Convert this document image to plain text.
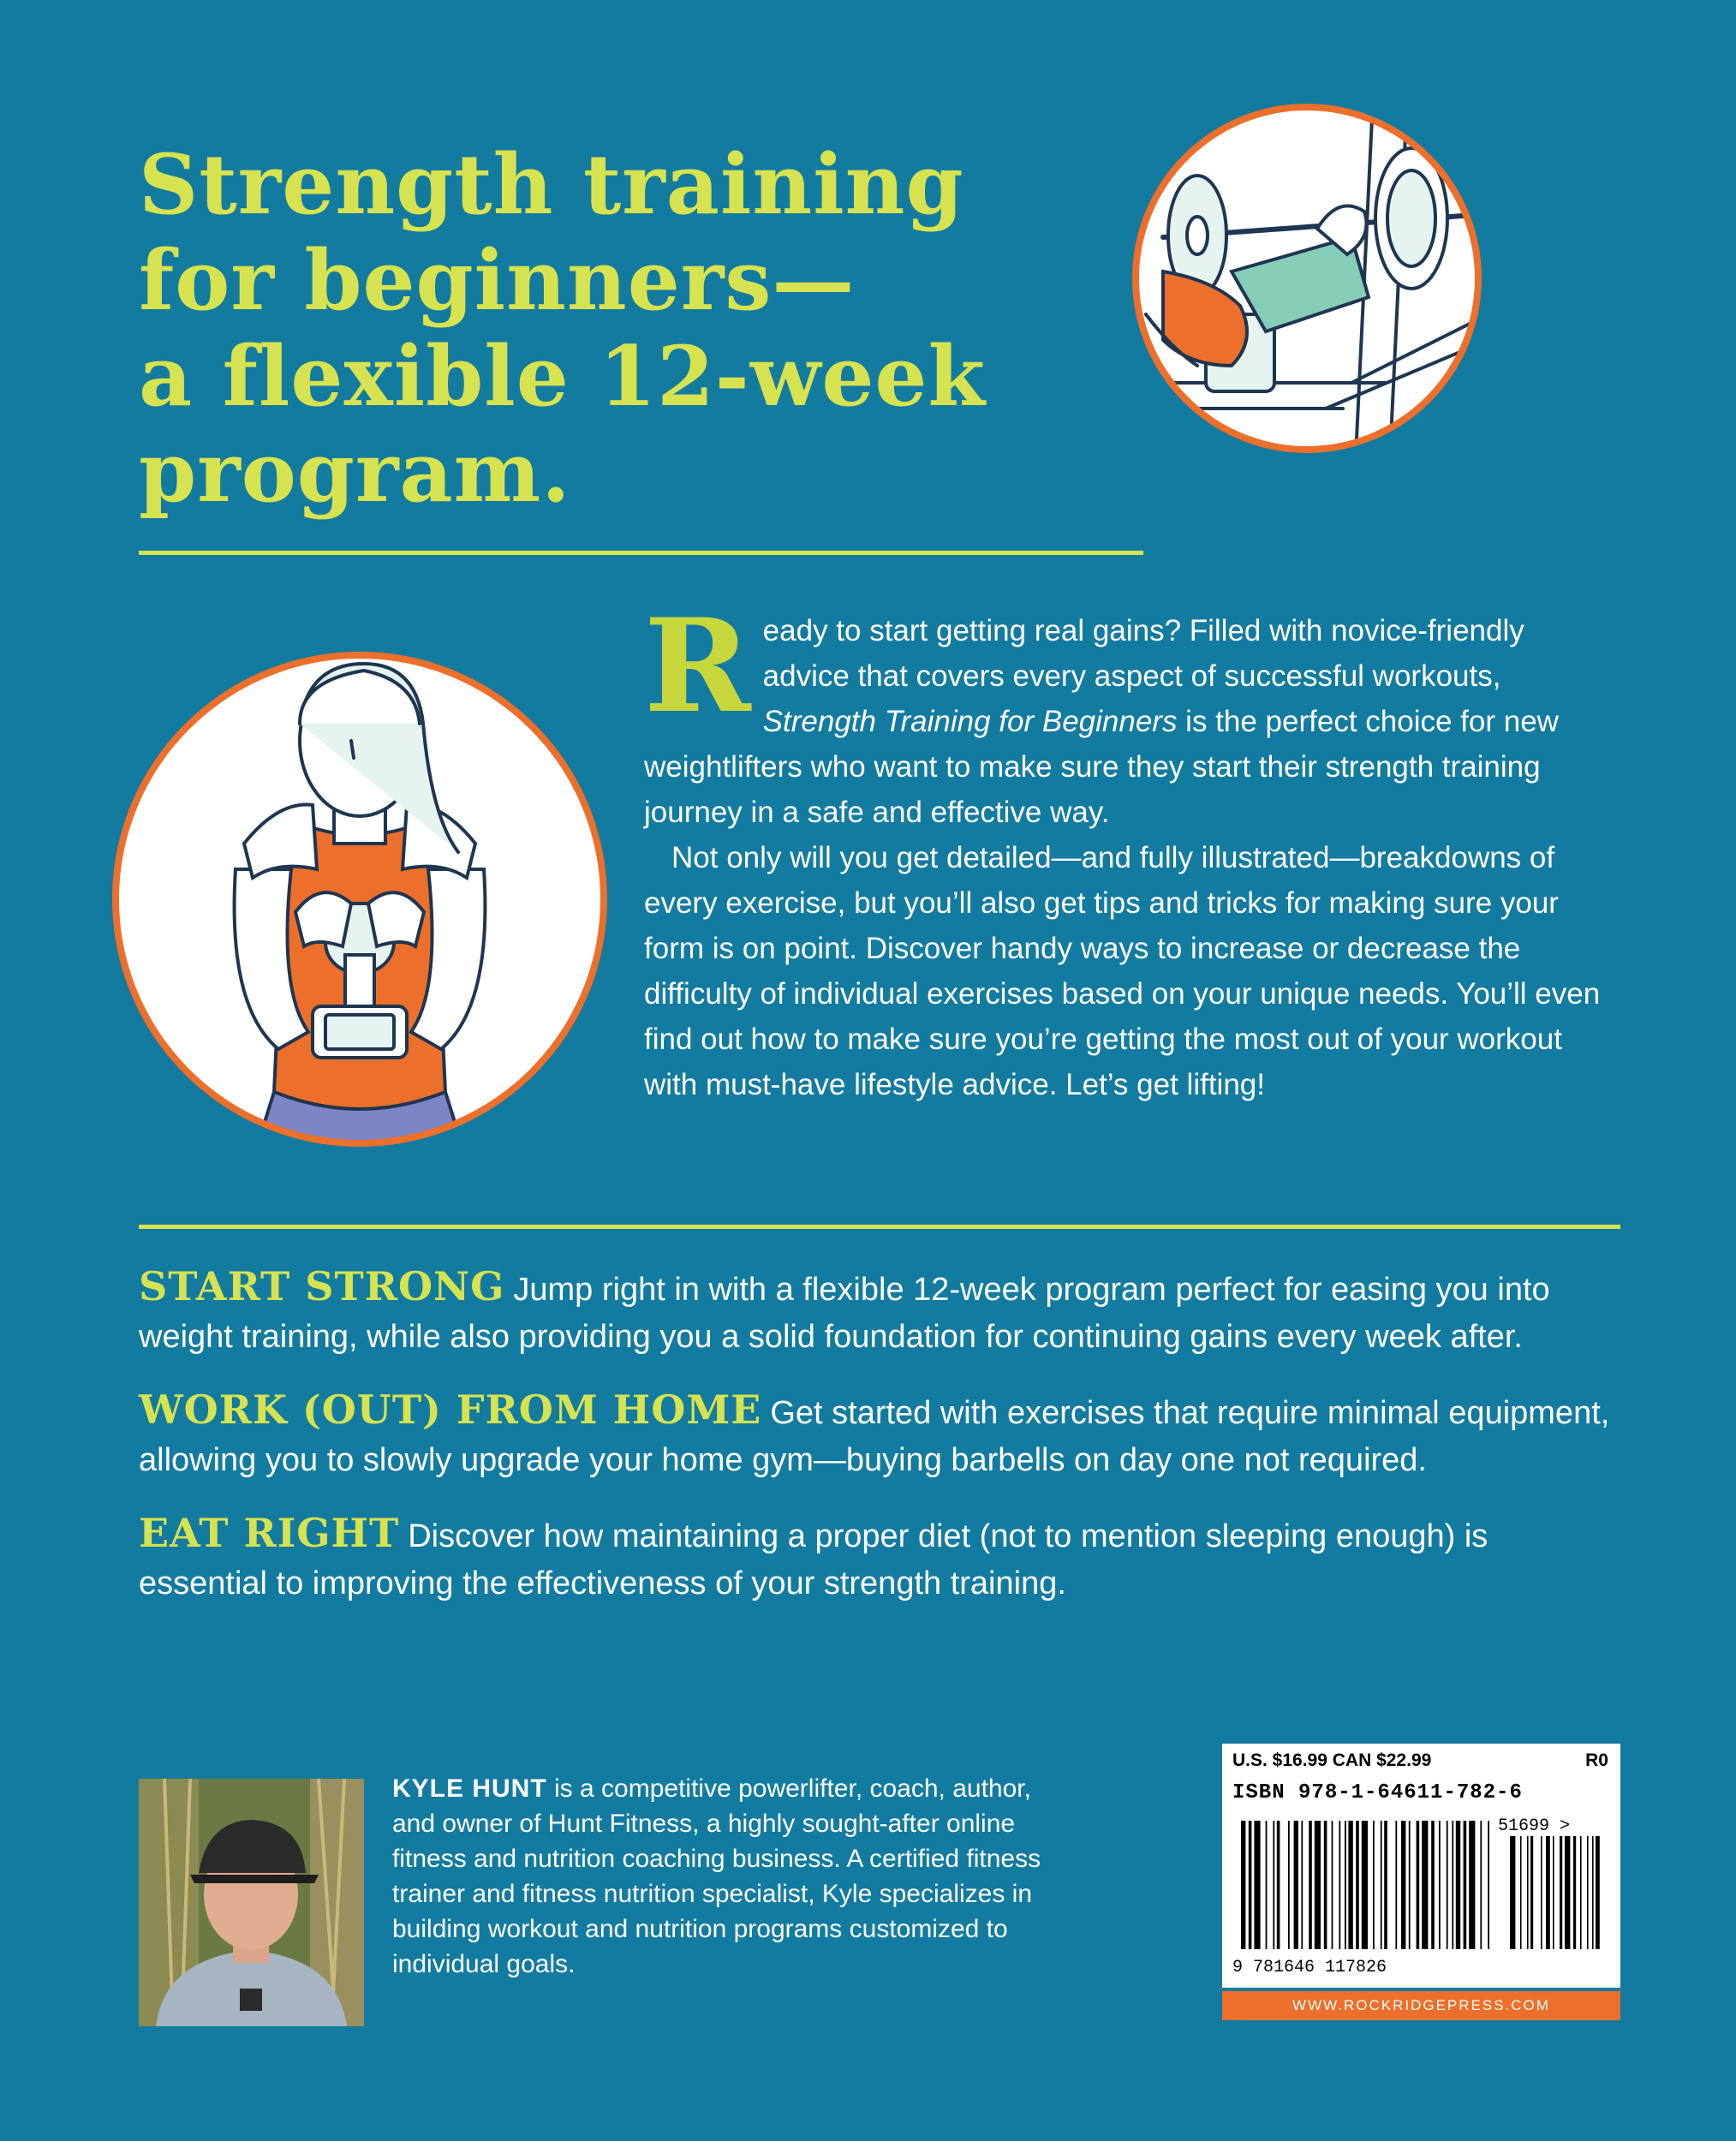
Strength training
for beginners—
a flexible 12-week
program.

Ready to start getting real gains? Filled with novice-friendly advice that covers every aspect of successful workouts, Strength Training for Beginners is the perfect choice for new weightlifters who want to make sure they start their strength training journey in a safe and effective way.

Not only will you get detailed—and fully illustrated—breakdowns of every exercise, but you’ll also get tips and tricks for making sure your form is on point. Discover handy ways to increase or decrease the difficulty of individual exercises based on your unique needs. You’ll even find out how to make sure you’re getting the most out of your workout with must-have lifestyle advice. Let’s get lifting!

START STRONG Jump right in with a flexible 12-week program perfect for easing you into weight training, while also providing you a solid foundation for continuing gains every week after.
WORK (OUT) FROM HOME Get started with exercises that require minimal equipment, allowing you to slowly upgrade your home gym—buying barbells on day one not required.
EAT RIGHT Discover how maintaining a proper diet (not to mention sleeping enough) is essential to improving the effectiveness of your strength training.
KYLE HUNT is a competitive powerlifter, coach, author, and owner of Hunt Fitness, a highly sought-after online fitness and nutrition coaching business. A certified fitness trainer and fitness nutrition specialist, Kyle specializes in building workout and nutrition programs customized to individual goals.
U.S. $16.99 CAN $22.99	R0
ISBN 978-1-64611-782-6
51699 >
9 781646 117826
WWW.ROCKRIDGEPRESS.COM
